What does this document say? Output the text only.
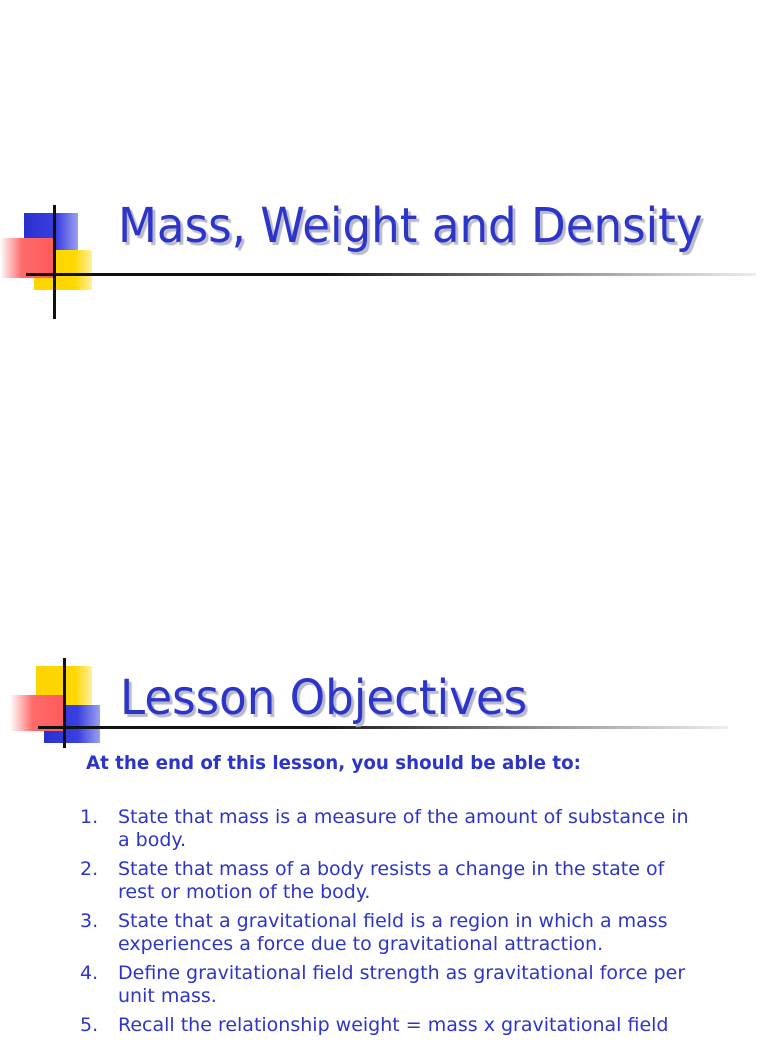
Mass, Weight and Density
Lesson Objectives

At the end of this lesson, you should be able to:

1. State that mass is a measure of the amount of substance in a body.
2. State that mass of a body resists a change in the state of rest or motion of the body.
3. State that a gravitational field is a region in which a mass experiences a force due to gravitational attraction.
4. Define gravitational field strength as gravitational force per unit mass.
5. Recall the relationship weight = mass x gravitational field
